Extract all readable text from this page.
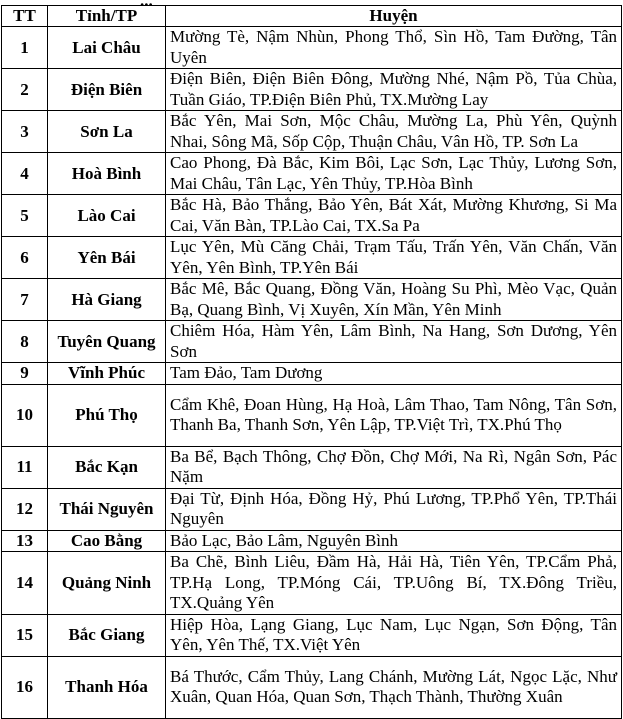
...
TT	Tỉnh/TP	Huyện
1	Lai Châu	Mường Tè, Nậm Nhùn, Phong Thổ, Sìn Hồ, Tam Đường, Tân Uyên
2	Điện Biên	Điện Biên, Điện Biên Đông, Mường Nhé, Nậm Pồ, Tủa Chùa, Tuần Giáo, TP.Điện Biên Phủ, TX.Mường Lay
3	Sơn La	Bắc Yên, Mai Sơn, Mộc Châu, Mường La, Phù Yên, Quỳnh Nhai, Sông Mã, Sốp Cộp, Thuận Châu, Vân Hồ, TP. Sơn La
4	Hoà Bình	Cao Phong, Đà Bắc, Kim Bôi, Lạc Sơn, Lạc Thủy, Lương Sơn, Mai Châu, Tân Lạc, Yên Thủy, TP.Hòa Bình
5	Lào Cai	Bắc Hà, Bảo Thắng, Bảo Yên, Bát Xát, Mường Khương, Si Ma Cai, Văn Bàn, TP.Lào Cai, TX.Sa Pa
6	Yên Bái	Lục Yên, Mù Căng Chải, Trạm Tấu, Trấn Yên, Văn Chấn, Văn Yên, Yên Bình, TP.Yên Bái
7	Hà Giang	Bắc Mê, Bắc Quang, Đồng Văn, Hoàng Su Phì, Mèo Vạc, Quản Bạ, Quang Bình, Vị Xuyên, Xín Mần, Yên Minh
8	Tuyên Quang	Chiêm Hóa, Hàm Yên, Lâm Bình, Na Hang, Sơn Dương, Yên Sơn
9	Vĩnh Phúc	Tam Đảo, Tam Dương
10	Phú Thọ	Cẩm Khê, Đoan Hùng, Hạ Hoà, Lâm Thao, Tam Nông, Tân Sơn, Thanh Ba, Thanh Sơn, Yên Lập, TP.Việt Trì, TX.Phú Thọ
11	Bắc Kạn	Ba Bể, Bạch Thông, Chợ Đồn, Chợ Mới, Na Rì, Ngân Sơn, Pác Nặm
12	Thái Nguyên	Đại Từ, Định Hóa, Đồng Hỷ, Phú Lương, TP.Phổ Yên, TP.Thái Nguyên
13	Cao Bằng	Bảo Lạc, Bảo Lâm, Nguyên Bình
14	Quảng Ninh	Ba Chẽ, Bình Liêu, Đầm Hà, Hải Hà, Tiên Yên, TP.Cẩm Phả, TP.Hạ Long, TP.Móng Cái, TP.Uông Bí, TX.Đông Triều, TX.Quảng Yên
15	Bắc Giang	Hiệp Hòa, Lạng Giang, Lục Nam, Lục Ngạn, Sơn Động, Tân Yên, Yên Thế, TX.Việt Yên
16	Thanh Hóa	Bá Thước, Cẩm Thủy, Lang Chánh, Mường Lát, Ngọc Lặc, Như Xuân, Quan Hóa, Quan Sơn, Thạch Thành, Thường Xuân
